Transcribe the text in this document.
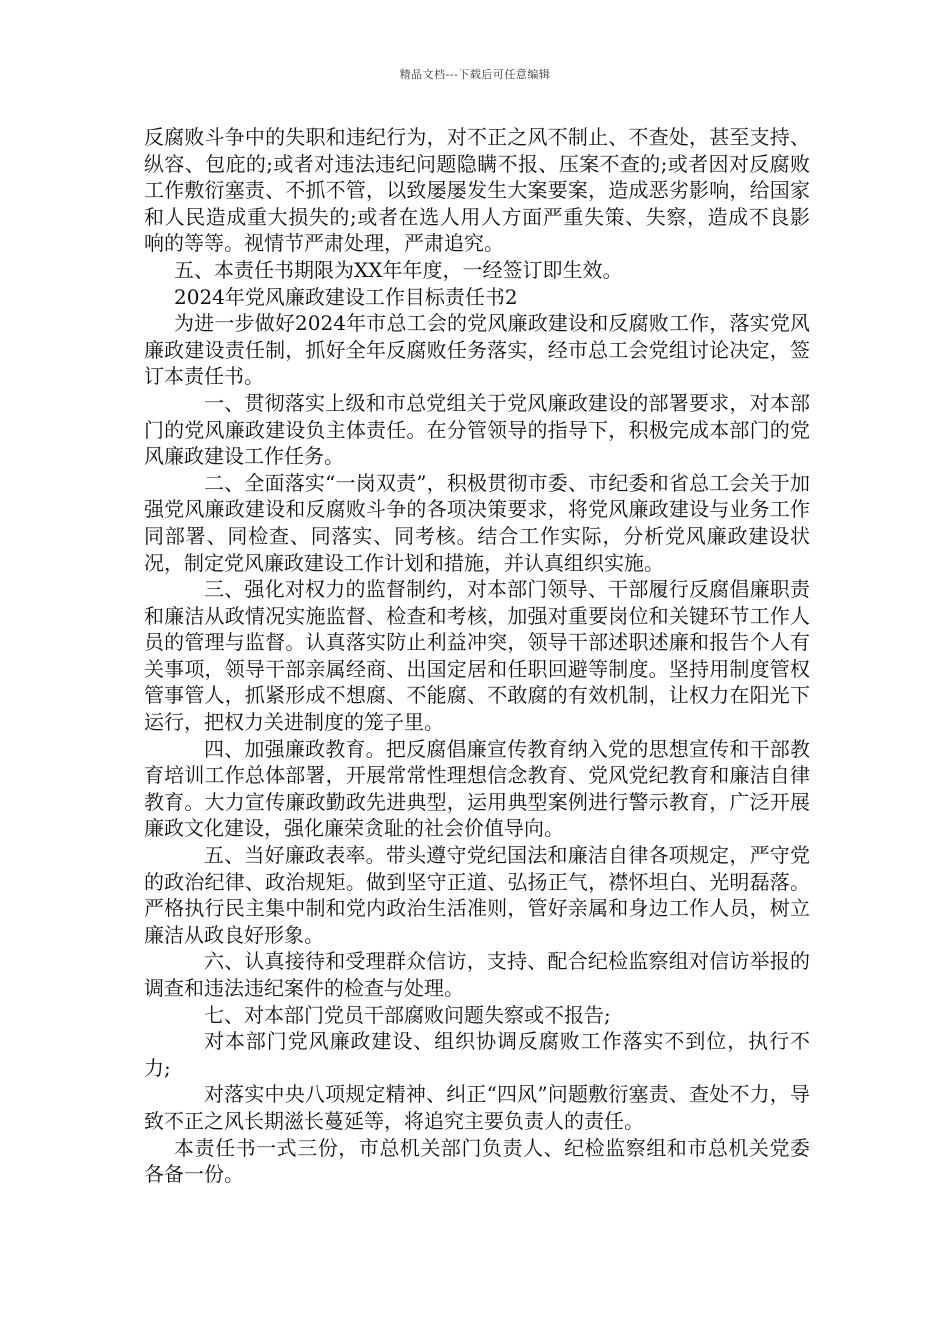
精品文档---下载后可任意编辑

反腐败斗争中的失职和违纪行为，对不正之风不制止、不查处，甚至支持、纵容、包庇的;或者对违法违纪问题隐瞒不报、压案不查的;或者因对反腐败工作敷衍塞责、不抓不管，以致屡屡发生大案要案，造成恶劣影响，给国家和人民造成重大损失的;或者在选人用人方面严重失策、失察，造成不良影响的等等。视情节严肃处理，严肃追究。

五、本责任书期限为XX年年度，一经签订即生效。

2024年党风廉政建设工作目标责任书2

为进一步做好2024年市总工会的党风廉政建设和反腐败工作，落实党风廉政建设责任制，抓好全年反腐败任务落实，经市总工会党组讨论决定，签订本责任书。

一、贯彻落实上级和市总党组关于党风廉政建设的部署要求，对本部门的党风廉政建设负主体责任。在分管领导的指导下，积极完成本部门的党风廉政建设工作任务。

二、全面落实“一岗双责”，积极贯彻市委、市纪委和省总工会关于加强党风廉政建设和反腐败斗争的各项决策要求，将党风廉政建设与业务工作同部署、同检查、同落实、同考核。结合工作实际，分析党风廉政建设状况，制定党风廉政建设工作计划和措施，并认真组织实施。

三、强化对权力的监督制约，对本部门领导、干部履行反腐倡廉职责和廉洁从政情况实施监督、检查和考核，加强对重要岗位和关键环节工作人员的管理与监督。认真落实防止利益冲突，领导干部述职述廉和报告个人有关事项，领导干部亲属经商、出国定居和任职回避等制度。坚持用制度管权管事管人，抓紧形成不想腐、不能腐、不敢腐的有效机制，让权力在阳光下运行，把权力关进制度的笼子里。

四、加强廉政教育。把反腐倡廉宣传教育纳入党的思想宣传和干部教育培训工作总体部署，开展常常性理想信念教育、党风党纪教育和廉洁自律教育。大力宣传廉政勤政先进典型，运用典型案例进行警示教育，广泛开展廉政文化建设，强化廉荣贪耻的社会价值导向。

五、当好廉政表率。带头遵守党纪国法和廉洁自律各项规定，严守党的政治纪律、政治规矩。做到坚守正道、弘扬正气，襟怀坦白、光明磊落。严格执行民主集中制和党内政治生活准则，管好亲属和身边工作人员，树立廉洁从政良好形象。

六、认真接待和受理群众信访，支持、配合纪检监察组对信访举报的调查和违法违纪案件的检查与处理。

七、对本部门党员干部腐败问题失察或不报告;

对本部门党风廉政建设、组织协调反腐败工作落实不到位，执行不力;

对落实中央八项规定精神、纠正“四风”问题敷衍塞责、查处不力，导致不正之风长期滋长蔓延等，将追究主要负责人的责任。

本责任书一式三份，市总机关部门负责人、纪检监察组和市总机关党委各备一份。
